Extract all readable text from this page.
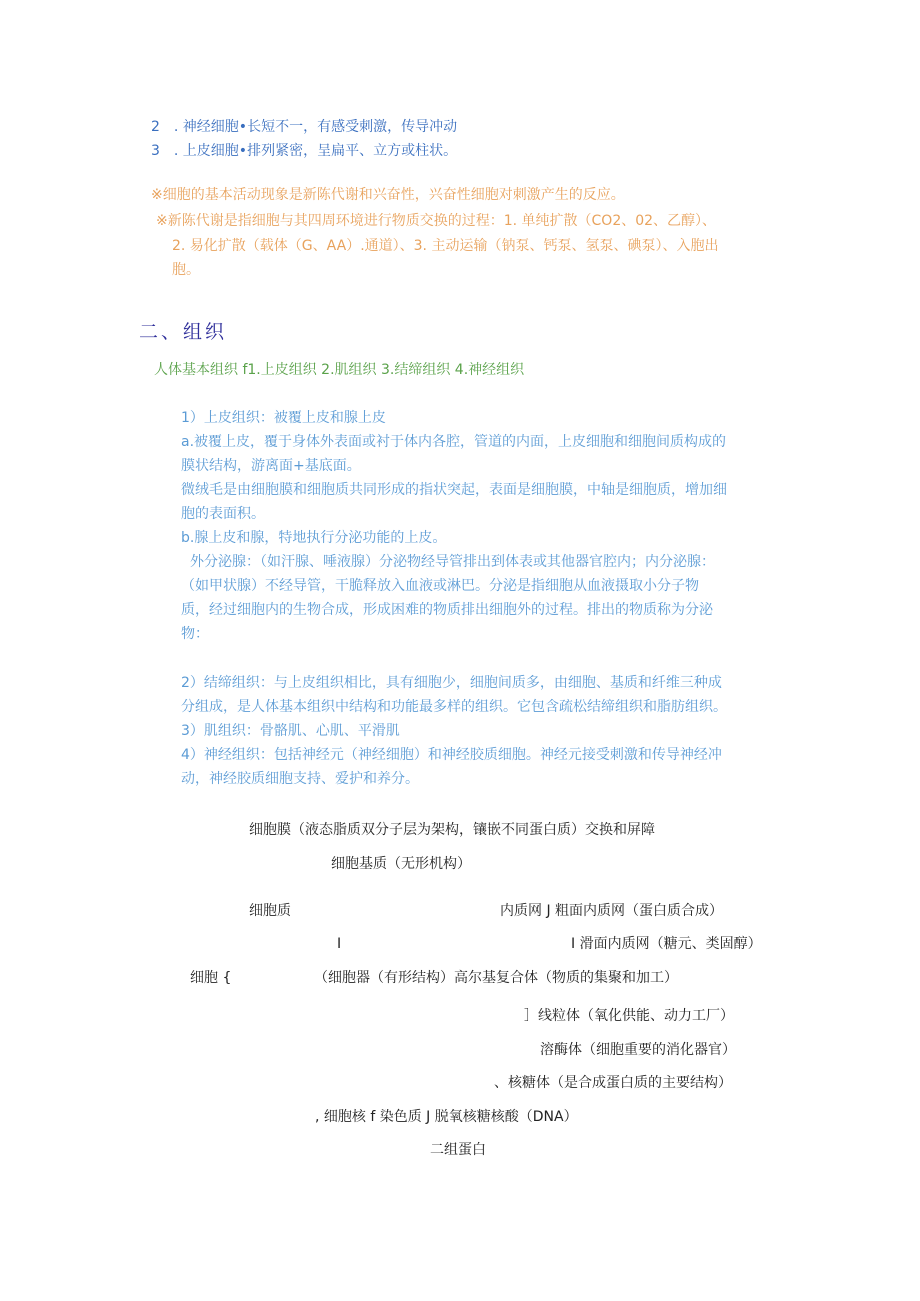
2　. 神经细胞•长短不一，有感受刺激，传导冲动
3　. 上皮细胞•排列紧密，呈扁平、立方或柱状。
※细胞的基本活动现象是新陈代谢和兴奋性，兴奋性细胞对刺激产生的反应。
※新陈代谢是指细胞与其四周环境进行物质交换的过程：1. 单纯扩散（CO2、02、乙醇）、
2. 易化扩散（载体（G、AA）.通道）、3. 主动运输（钠泵、钙泵、氢泵、碘泵）、入胞出
胞。
二、组织
人体基本组织 f1.上皮组织 2.肌组织 3.结缔组织 4.神经组织
1）上皮组织：被覆上皮和腺上皮
a.被覆上皮，覆于身体外表面或衬于体内各腔，管道的内面，上皮细胞和细胞间质构成的
膜状结构，游离面+基底面。
微绒毛是由细胞膜和细胞质共同形成的指状突起，表面是细胞膜，中轴是细胞质，增加细
胞的表面积。
b.腺上皮和腺，特地执行分泌功能的上皮。
外分泌腺：（如汗腺、唾液腺）分泌物经导管排出到体表或其他器官腔内；内分泌腺：
（如甲状腺）不经导管，干脆释放入血液或淋巴。分泌是指细胞从血液摄取小分子物
质，经过细胞内的生物合成，形成困难的物质排出细胞外的过程。排出的物质称为分泌
物：
2）结缔组织：与上皮组织相比，具有细胞少，细胞间质多，由细胞、基质和纤维三种成
分组成，是人体基本组织中结构和功能最多样的组织。它包含疏松结缔组织和脂肪组织。
3）肌组织：骨骼肌、心肌、平滑肌
4）神经组织：包括神经元（神经细胞）和神经胶质细胞。神经元接受刺激和传导神经冲
动，神经胶质细胞支持、爱护和养分。
细胞膜（液态脂质双分子层为架构，镶嵌不同蛋白质）交换和屏障
细胞基质（无形机构）
细胞质	内质网 J 粗面内质网（蛋白质合成）
I	I 滑面内质网（糖元、类固醇）
细胞 {	（细胞器（有形结构）高尔基复合体（物质的集聚和加工）
］线粒体（氧化供能、动力工厂）
溶酶体（细胞重要的消化器官）
、核糖体（是合成蛋白质的主要结构）
, 细胞核 f 染色质 J 脱氧核糖核酸（DNA）
二组蛋白
